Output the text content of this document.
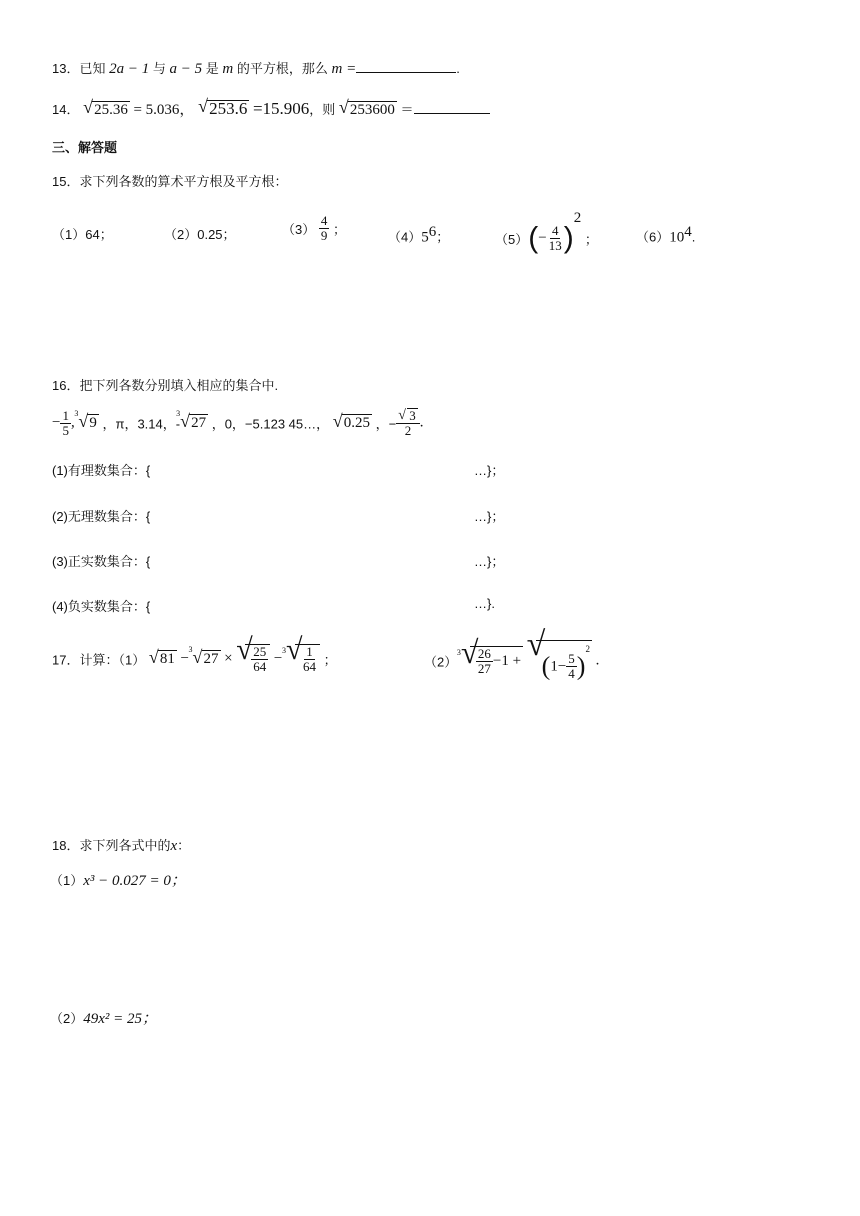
13．已知 2a − 1 与 a − 5 是 m 的平方根，那么 m =	.
14． √ 25.36 = 5.036， √ 253.6 =15.906，则 √ 253600 ＝
三、解答题
15．求下列各数的算术平方根及平方根：
（1）64；	（2）0.25；	$(3) \frac{4}{9}$ ；	$(4)5^6$；	$(5)(- \frac{4}{13} )^2$ ；	$(6)10^4$.
16．把下列各数分别填入相应的集合中.
− $\frac{1}{5}$ ,
3 √ 9 ，π，3.14，-
3 √ 27 ，0，−5.123 45…， √ 0.25 ，− $\frac{√ 3}{2}$ .
(1)有理数集合：{	…}；
(2)无理数集合：{	…}；
(3)正实数集合：{	…}；
(4)负实数集合：{	…}.
17．计算：（1） √ 81 −
3 √ 27 × √
$\frac{25}{64} - 3$ √
$\frac{1}{64}$ ；	（2）
3 √
$\frac{26}{27} -1$ + √
$(1- \frac{5}{4} )^2$ .
18．求下列各式中的x：
（1）x³ − 0.027 = 0；
（2）49x² = 25；
